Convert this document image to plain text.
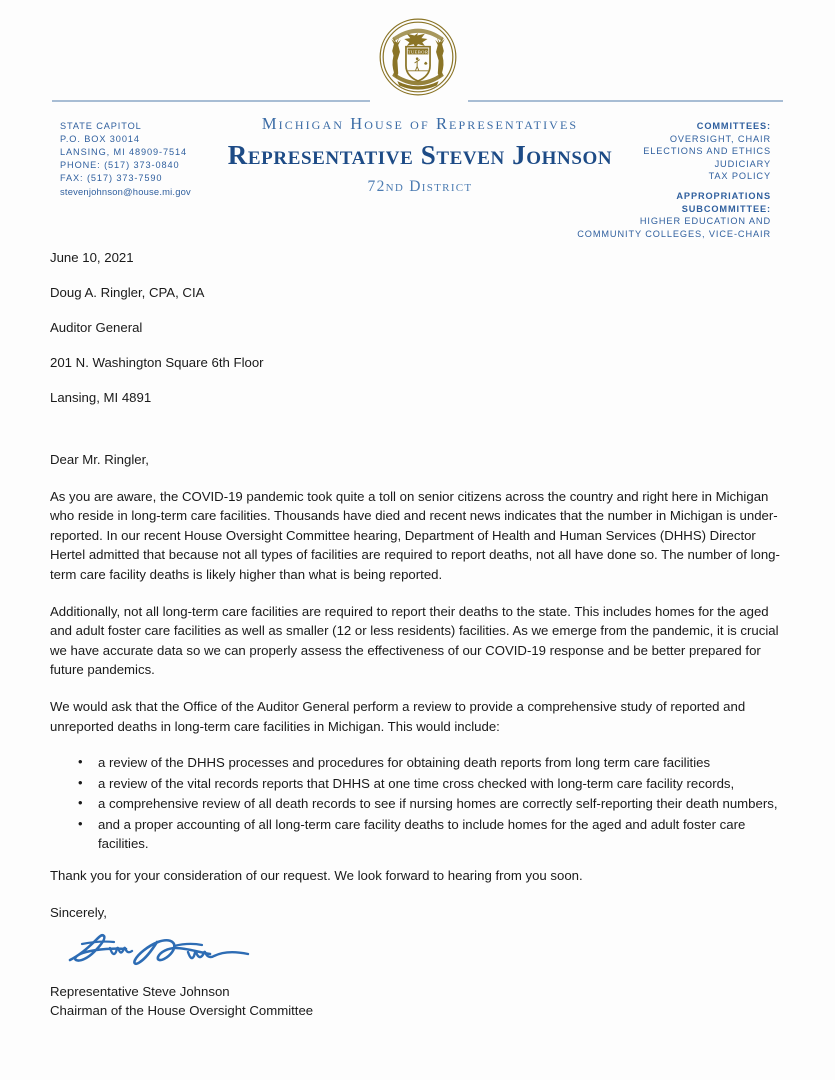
TUEBOR
STATE CAPITOL
P.O. BOX 30014
LANSING, MI 48909-7514
PHONE: (517) 373-0840
FAX: (517) 373-7590
stevenjohnson@house.mi.gov
Michigan House of Representatives
Representative Steven Johnson
72nd District
COMMITTEES:
OVERSIGHT, CHAIR
ELECTIONS AND ETHICS
JUDICIARY
TAX POLICY
APPROPRIATIONS
SUBCOMMITTEE:
HIGHER EDUCATION AND
COMMUNITY COLLEGES, VICE-CHAIR
June 10, 2021
Doug A. Ringler, CPA, CIA
Auditor General
201 N. Washington Square 6th Floor
Lansing, MI 4891
Dear Mr. Ringler,

As you are aware, the COVID-19 pandemic took quite a toll on senior citizens across the country and right here in Michigan who reside in long-term care facilities. Thousands have died and recent news indicates that the number in Michigan is under-reported. In our recent House Oversight Committee hearing, Department of Health and Human Services (DHHS) Director Hertel admitted that because not all types of facilities are required to report deaths, not all have done so. The number of long-term care facility deaths is likely higher than what is being reported.

Additionally, not all long-term care facilities are required to report their deaths to the state. This includes homes for the aged and adult foster care facilities as well as smaller (12 or less residents) facilities. As we emerge from the pandemic, it is crucial we have accurate data so we can properly assess the effectiveness of our COVID-19 response and be better prepared for future pandemics.

We would ask that the Office of the Auditor General perform a review to provide a comprehensive study of reported and unreported deaths in long-term care facilities in Michigan. This would include:

• a review of the DHHS processes and procedures for obtaining death reports from long term care facilities
• a review of the vital records reports that DHHS at one time cross checked with long-term care facility records,
• a comprehensive review of all death records to see if nursing homes are correctly self-reporting their death numbers,
• and a proper accounting of all long-term care facility deaths to include homes for the aged and adult foster care facilities.
Thank you for your consideration of our request. We look forward to hearing from you soon.
Sincerely,
Representative Steve Johnson
Chairman of the House Oversight Committee
